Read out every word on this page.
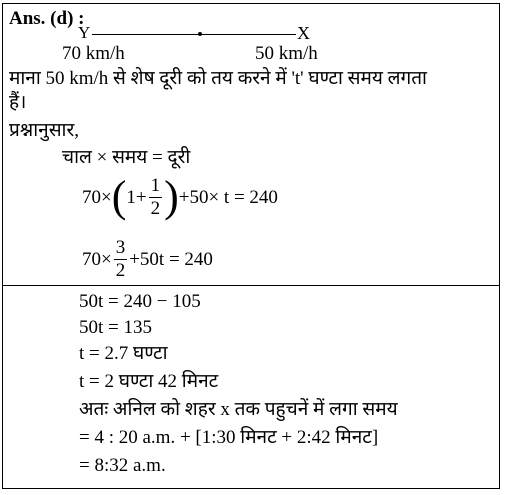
Ans. (d) :
Y	X
70 km/h	50 km/h
माना 50 km/h से शेष दूरी को तय करने में 't' घण्टा समय लगता
हैं।
प्रश्नानुसार,
चाल × समय = दूरी
70× ( $1+ \frac{1}{2}$ ) +50× t = 240
$70\times \frac{3}{2} +50t = 240$
50t = 240 − 105
50t = 135
t = 2.7 घण्टा
t = 2 घण्टा 42 मिनट
अतः अनिल को शहर x तक पहुचनें में लगा समय
= 4 : 20 a.m. + [1:30 मिनट + 2:42 मिनट]
= 8:32 a.m.
